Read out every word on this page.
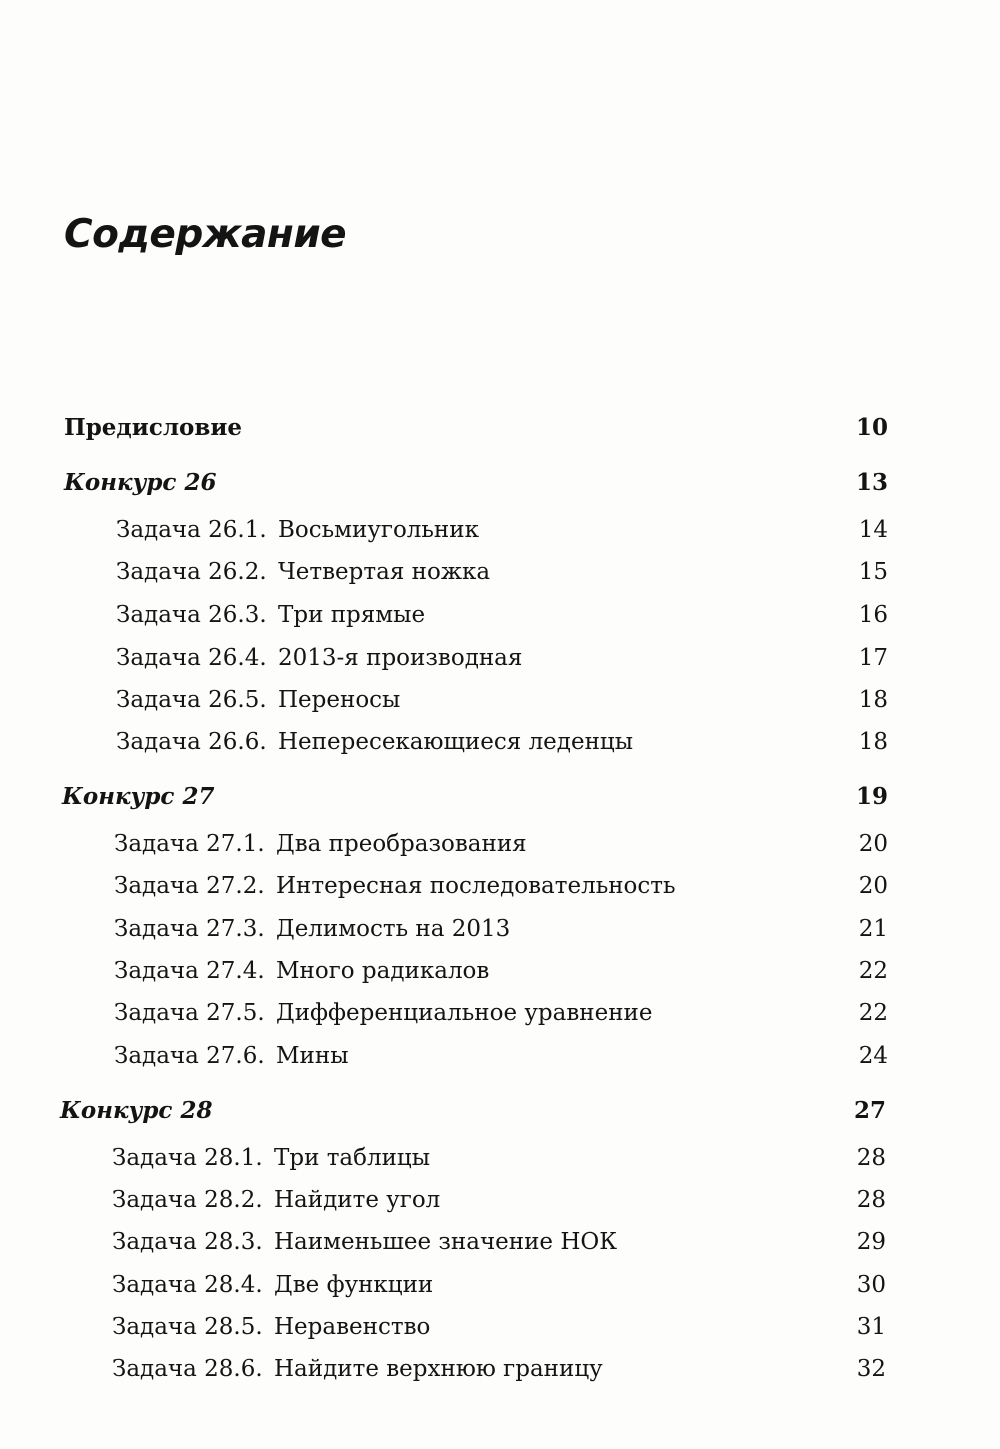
Содержание
Предисловие	10
Конкурс 26	13
Задача 26.1. Восьмиугольник	14
Задача 26.2. Четвертая ножка	15
Задача 26.3. Три прямые	16
Задача 26.4. 2013-я производная	17
Задача 26.5. Переносы	18
Задача 26.6. Непересекающиеся леденцы	18
Конкурс 27	19
Задача 27.1. Два преобразования	20
Задача 27.2. Интересная последовательность	20
Задача 27.3. Делимость на 2013	21
Задача 27.4. Много радикалов	22
Задача 27.5. Дифференциальное уравнение	22
Задача 27.6. Мины	24
Конкурс 28	27
Задача 28.1. Три таблицы	28
Задача 28.2. Найдите угол	28
Задача 28.3. Наименьшее значение НОК	29
Задача 28.4. Две функции	30
Задача 28.5. Неравенство	31
Задача 28.6. Найдите верхнюю границу	32
